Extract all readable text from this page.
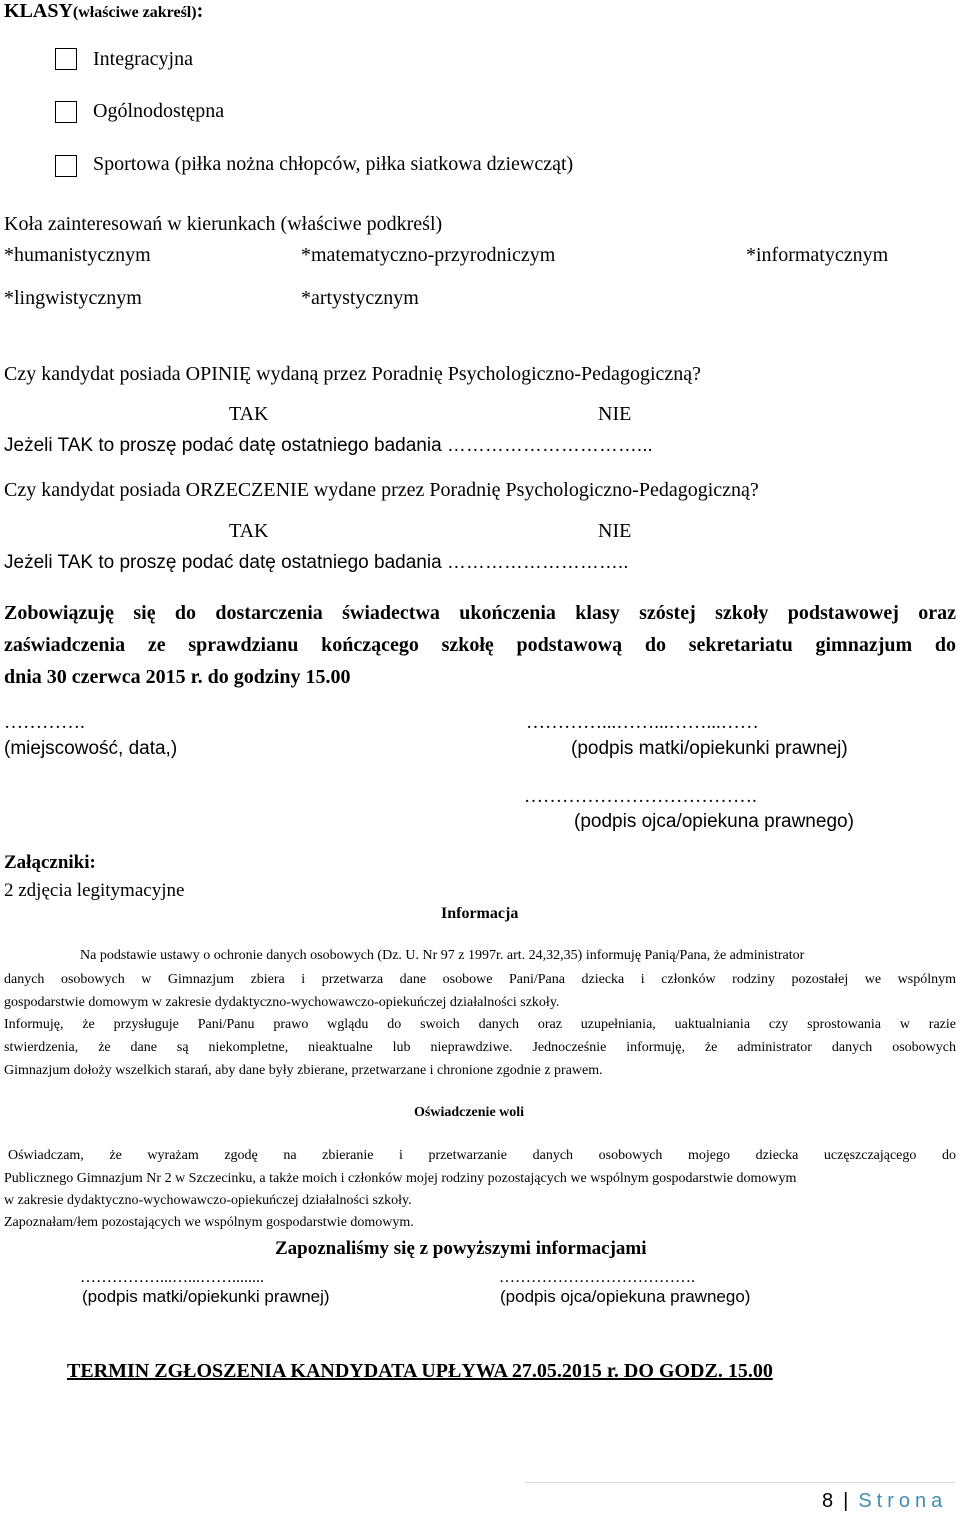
KLASY(właściwe zakreśl):
Integracyjna
Ogólnodostępna
Sportowa (piłka nożna chłopców, piłka siatkowa dziewcząt)
Koła zainteresowań w kierunkach (właściwe podkreśl)
*humanistycznym	*matematyczno-przyrodniczym	*informatycznym
*lingwistycznym	*artystycznym
Czy kandydat posiada OPINIĘ wydaną przez Poradnię Psychologiczno-Pedagogiczną?
TAK	NIE
Jeżeli TAK to proszę podać datę ostatniego badania …………………………...
Czy kandydat posiada ORZECZENIE wydane przez Poradnię Psychologiczno-Pedagogiczną?
TAK	NIE
Jeżeli TAK to proszę podać datę ostatniego badania ………………………..
Zobowiązuję się do dostarczenia świadectwa ukończenia klasy szóstej szkoły podstawowej oraz
zaświadczenia ze sprawdzianu kończącego szkołę podstawową do sekretariatu gimnazjum do
dnia 30 czerwca 2015 r. do godziny 15.00
………….
(miejscowość, data,)
…………...……...……...……
(podpis matki/opiekunki prawnej)
……………………………….
(podpis ojca/opiekuna prawnego)
Załączniki:
2 zdjęcia legitymacyjne
Informacja
Na podstawie ustawy o ochronie danych osobowych (Dz. U. Nr 97 z 1997r. art. 24,32,35) informuję Panią/Pana, że administrator
danych osobowych w Gimnazjum zbiera i przetwarza dane osobowe Pani/Pana dziecka i członków rodziny pozostałej we wspólnym
gospodarstwie domowym w zakresie dydaktyczno-wychowawczo-opiekuńczej działalności szkoły.
Informuję, że przysługuje Pani/Panu prawo wglądu do swoich danych oraz uzupełniania, uaktualniania czy sprostowania w razie
stwierdzenia, że dane są niekompletne, nieaktualne lub nieprawdziwe. Jednocześnie informuję, że administrator danych osobowych
Gimnazjum dołoży wszelkich starań, aby dane były zbierane, przetwarzane i chronione zgodnie z prawem.
Oświadczenie woli
Oświadczam, że wyrażam zgodę na zbieranie i przetwarzanie danych osobowych mojego dziecka uczęszczającego do
Publicznego Gimnazjum Nr 2 w Szczecinku, a także moich i członków mojej rodziny pozostających we wspólnym gospodarstwie domowym
w zakresie dydaktyczno-wychowawczo-opiekuńczej działalności szkoły.
Zapoznałam/łem pozostających we wspólnym gospodarstwie domowym.
Zapoznaliśmy się z powyższymi informacjami
……………...…...……........	……………………………….
(podpis matki/opiekunki prawnej)	(podpis ojca/opiekuna prawnego)
TERMIN ZGŁOSZENIA KANDYDATA UPŁYWA 27.05.2015 r. DO GODZ. 15.00
8 | Strona
